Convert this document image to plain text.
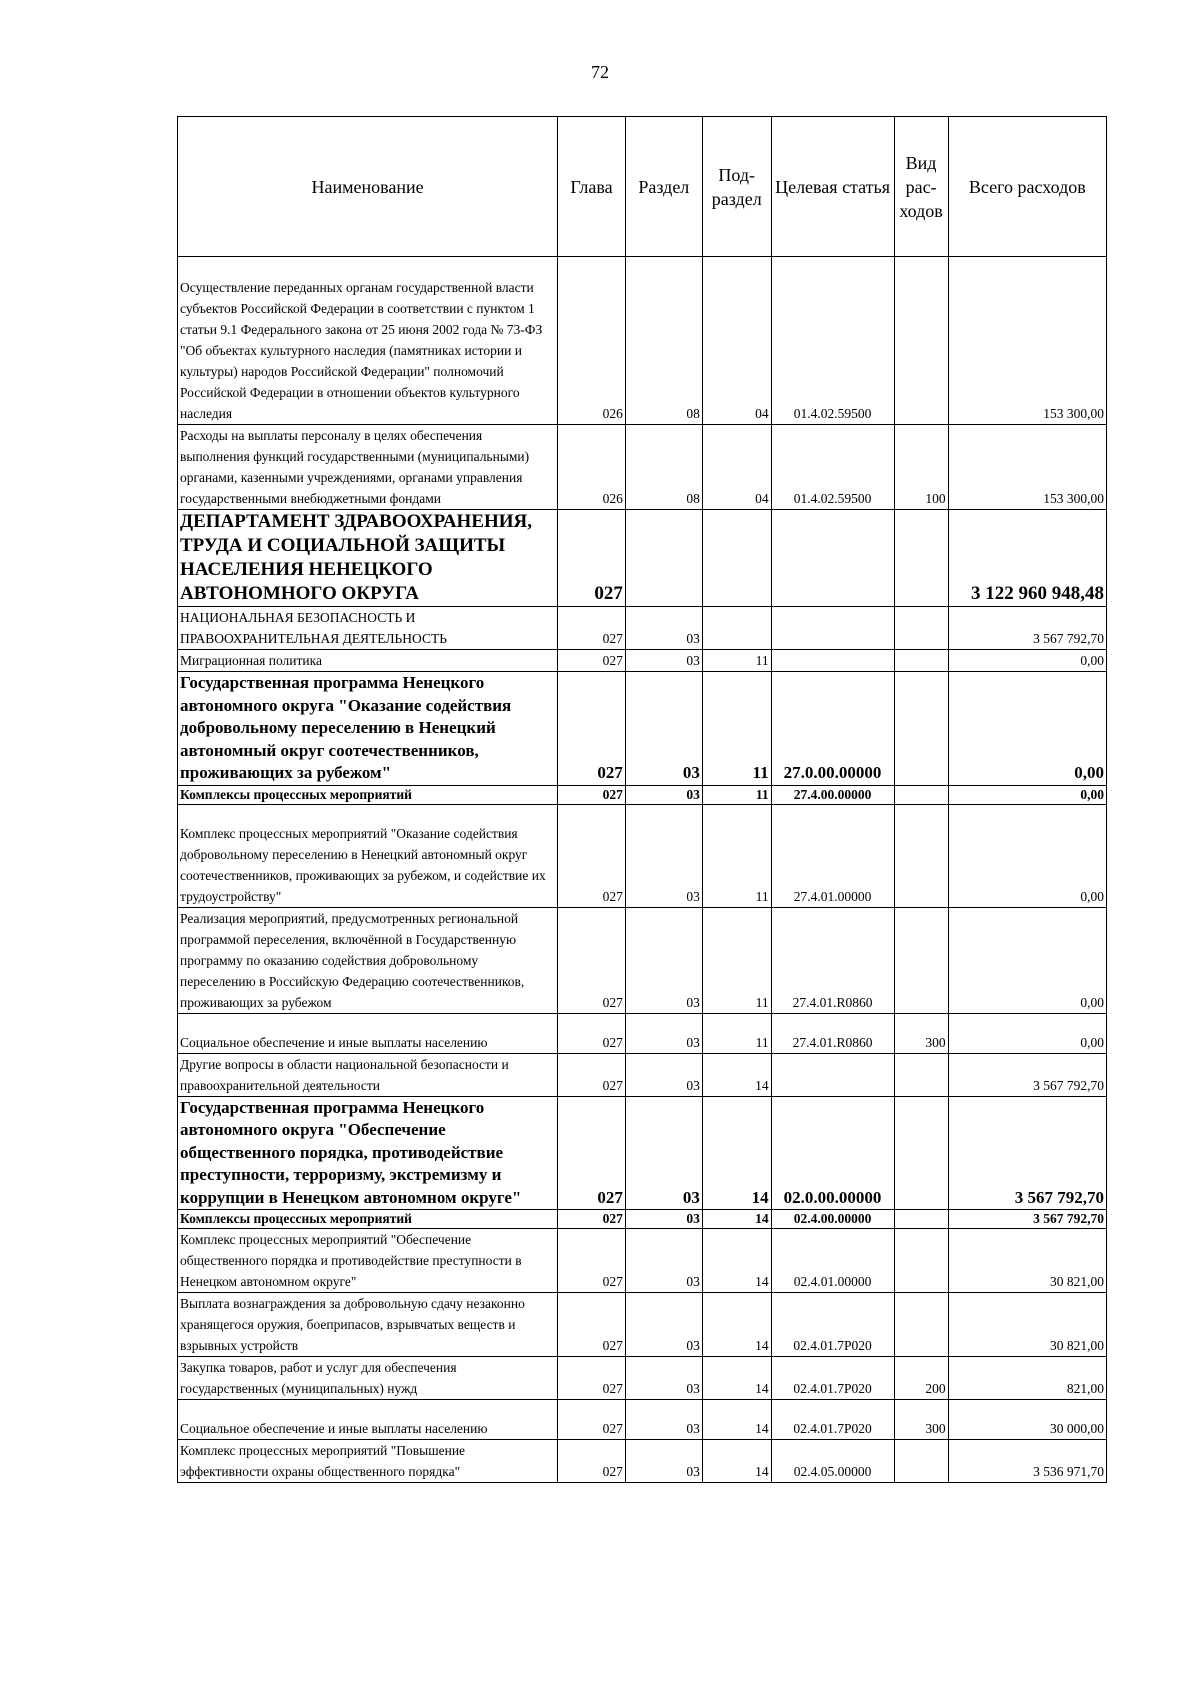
72
Наименование	Глава	Раздел	Под-раздел	Целевая статья	Вид рас-ходов	Всего расходов
Осуществление переданных органам государственной власти субъектов Российской Федерации в соответствии с пунктом 1 статьи 9.1 Федерального закона от 25 июня 2002 года № 73-ФЗ "Об объектах культурного наследия (памятниках истории и культуры) народов Российской Федерации" полномочий Российской Федерации в отношении объектов культурного наследия	026	08	04	01.4.02.59500		153 300,00
Расходы на выплаты персоналу в целях обеспечения выполнения функций государственными (муниципальными) органами, казенными учреждениями, органами управления государственными внебюджетными фондами	026	08	04	01.4.02.59500	100	153 300,00
ДЕПАРТАМЕНТ ЗДРАВООХРАНЕНИЯ, ТРУДА И СОЦИАЛЬНОЙ ЗАЩИТЫ НАСЕЛЕНИЯ НЕНЕЦКОГО АВТОНОМНОГО ОКРУГА	027					3 122 960 948,48
НАЦИОНАЛЬНАЯ БЕЗОПАСНОСТЬ И ПРАВООХРАНИТЕЛЬНАЯ ДЕЯТЕЛЬНОСТЬ	027	03				3 567 792,70
Миграционная политика	027	03	11			0,00
Государственная программа Ненецкого автономного округа "Оказание содействия добровольному переселению в Ненецкий автономный округ соотечественников, проживающих за рубежом"	027	03	11	27.0.00.00000		0,00
Комплексы процессных мероприятий	027	03	11	27.4.00.00000		0,00
Комплекс процессных мероприятий "Оказание содействия добровольному переселению в Ненецкий автономный округ соотечественников, проживающих за рубежом, и содействие их трудоустройству"	027	03	11	27.4.01.00000		0,00
Реализация мероприятий, предусмотренных региональной программой переселения, включённой в Государственную программу по оказанию содействия добровольному переселению в Российскую Федерацию соотечественников, проживающих за рубежом	027	03	11	27.4.01.R0860		0,00
Социальное обеспечение и иные выплаты населению	027	03	11	27.4.01.R0860	300	0,00
Другие вопросы в области национальной безопасности и правоохранительной деятельности	027	03	14			3 567 792,70
Государственная программа Ненецкого автономного округа "Обеспечение общественного порядка, противодействие преступности, терроризму, экстремизму и коррупции в Ненецком автономном округе"	027	03	14	02.0.00.00000		3 567 792,70
Комплексы процессных мероприятий	027	03	14	02.4.00.00000		3 567 792,70
Комплекс процессных мероприятий "Обеспечение общественного порядка и противодействие преступности в Ненецком автономном округе"	027	03	14	02.4.01.00000		30 821,00
Выплата вознаграждения за добровольную сдачу незаконно хранящегося оружия, боеприпасов, взрывчатых веществ и взрывных устройств	027	03	14	02.4.01.7Р020		30 821,00
Закупка товаров, работ и услуг для обеспечения государственных (муниципальных) нужд	027	03	14	02.4.01.7Р020	200	821,00
Социальное обеспечение и иные выплаты населению	027	03	14	02.4.01.7Р020	300	30 000,00
Комплекс процессных мероприятий "Повышение эффективности охраны общественного порядка"	027	03	14	02.4.05.00000		3 536 971,70
